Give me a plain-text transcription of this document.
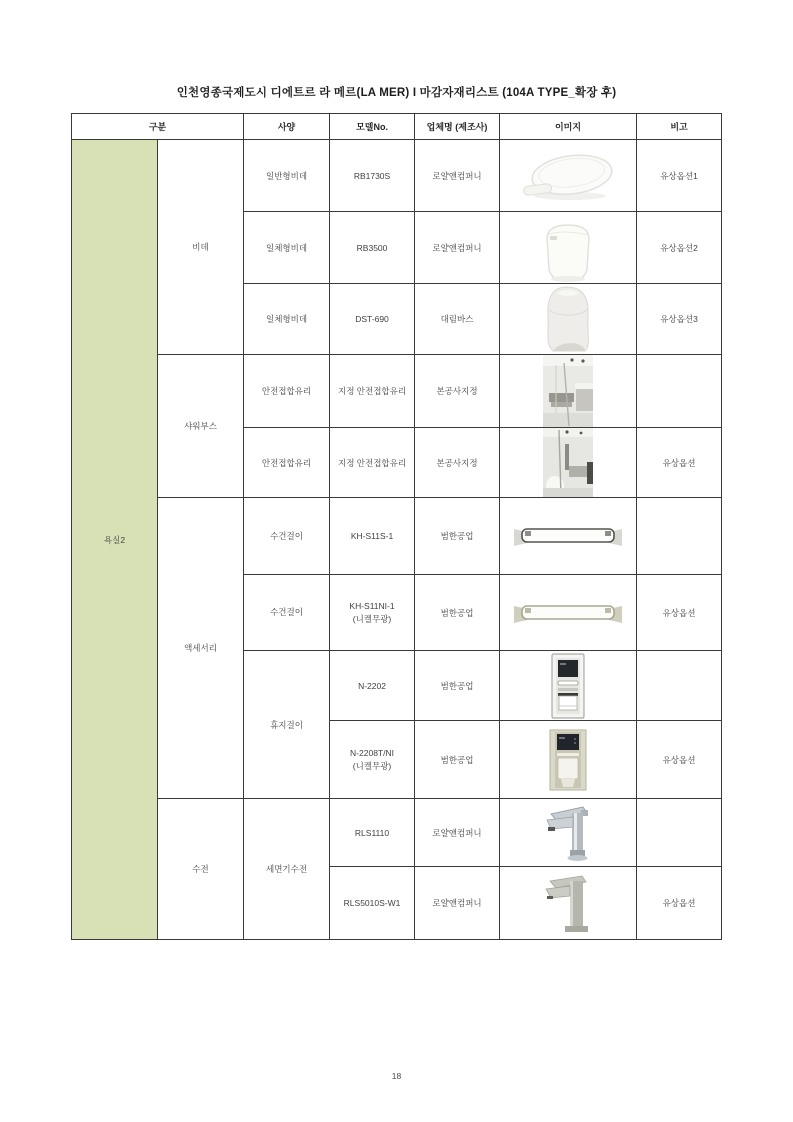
인천영종국제도시 디에트르 라 메르(LA MER) I 마감자재리스트 (104A TYPE_확장 후)
구분		사양	모델No.	업체명 (제조사)	이미지	비고
욕실2	비데	일반형비데	RB1730S	로얄앤컴퍼니		유상옵션1
		일체형비데	RB3500	로얄앤컴퍼니		유상옵션2
		일체형비데	DST-690	대림바스		유상옵션3
	샤워부스	안전접합유리	지정 안전접합유리	본공사지정	

		안전접합유리	지정 안전접합유리	본공사지정		유상옵션
	액세서리	수건걸이	KH-S11S-1	범한공업	

		수건걸이	KH-S11NI-1
(니켈무광)	범한공업		유상옵션
		휴지걸이	N-2202	범한공업	

			N-2208T/NI
(니켈무광)	범한공업		유상옵션
	수전	세면기수전	RLS1110	로얄앤컴퍼니	

			RLS5010S-W1	로얄앤컴퍼니		유상옵션
18
